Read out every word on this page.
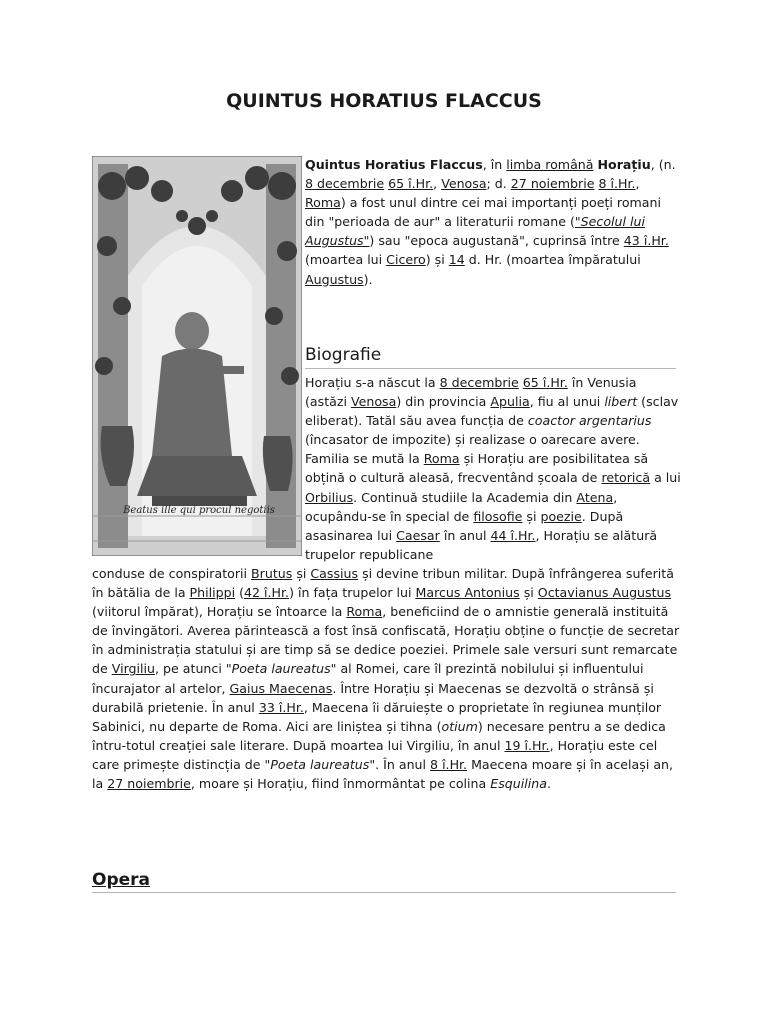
QUINTUS HORATIUS FLACCUS
Beatus ille qui procul negotiis

Quintus Horatius Flaccus, în limba română Horațiu, (n. 8 decembrie 65 î.Hr., Venosa; d. 27 noiembrie 8 î.Hr., Roma) a fost unul dintre cei mai importanți poeți romani din "perioada de aur" a literaturii romane ("Secolul lui Augustus") sau "epoca augustană", cuprinsă între 43 î.Hr. (moartea lui Cicero) și 14 d. Hr. (moartea împăratului Augustus).

Biografie

Horațiu s-a născut la 8 decembrie 65 î.Hr. în Venusia (astăzi Venosa) din provincia Apulia, fiu al unui libert (sclav eliberat). Tatăl său avea funcția de coactor argentarius (încasator de impozite) și realizase o oarecare avere. Familia se mută la Roma și Horațiu are posibilitatea să obțină o cultură aleasă, frecventând școala de retorică a lui Orbilius. Continuă studiile la Academia din Atena, ocupându-se în special de filosofie și poezie. După asasinarea lui Caesar în anul 44 î.Hr., Horațiu se alătură trupelor republicane

conduse de conspiratorii Brutus și Cassius și devine tribun militar. După înfrângerea suferită în bătălia de la Philippi (42 î.Hr.) în fața trupelor lui Marcus Antonius și Octavianus Augustus (viitorul împărat), Horațiu se întoarce la Roma, beneficiind de o amnistie generală instituită de învingători. Averea părintească a fost însă confiscată, Horațiu obține o funcție de secretar în administrația statului și are timp să se dedice poeziei. Primele sale versuri sunt remarcate de Virgiliu, pe atunci "Poeta laureatus" al Romei, care îl prezintă nobilului și influentului încurajator al artelor, Gaius Maecenas. Între Horațiu și Maecenas se dezvoltă o strânsă și durabilă prietenie. În anul 33 î.Hr., Maecena îi dăruiește o proprietate în regiunea munților Sabinici, nu departe de Roma. Aici are liniștea și tihna (otium) necesare pentru a se dedica întru-totul creației sale literare. După moartea lui Virgiliu, în anul 19 î.Hr., Horațiu este cel care primește distincția de "Poeta laureatus". În anul 8 î.Hr. Maecena moare și în același an, la 27 noiembrie, moare și Horațiu, fiind înmormântat pe colina Esquilina.

Opera
